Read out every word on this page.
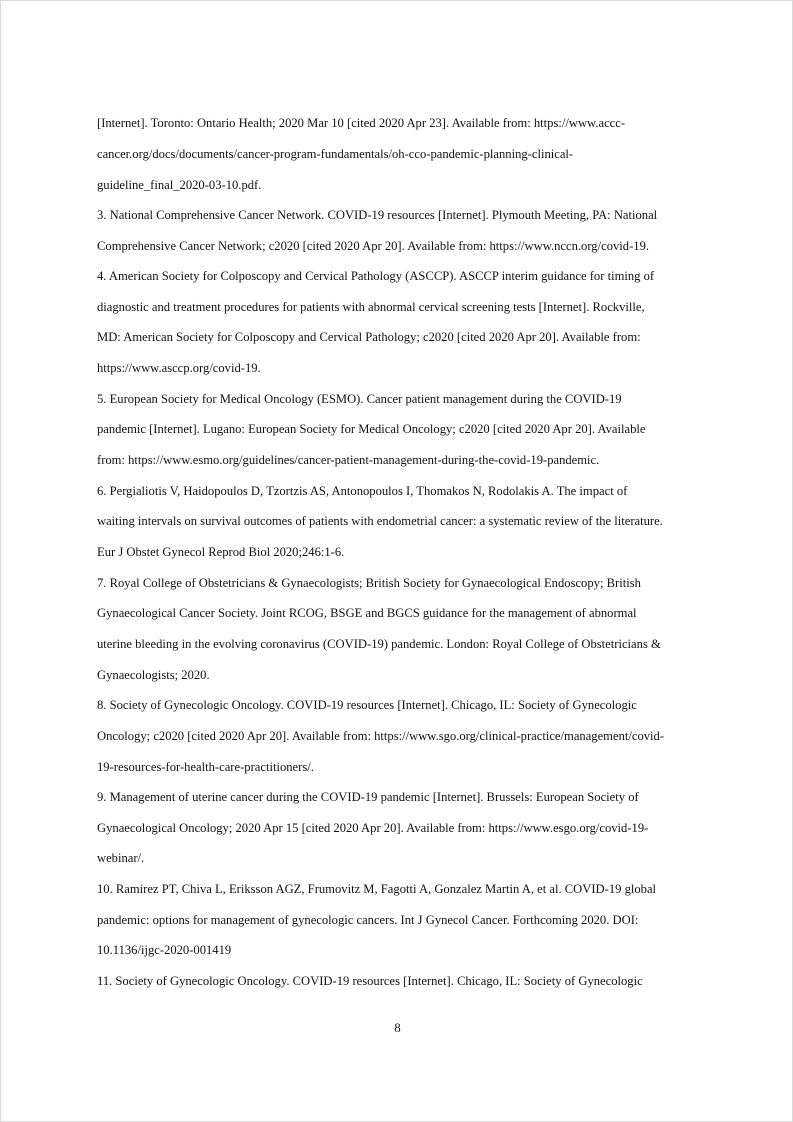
[Internet]. Toronto: Ontario Health; 2020 Mar 10 [cited 2020 Apr 23]. Available from: https://www.accc-

cancer.org/docs/documents/cancer-program-fundamentals/oh-cco-pandemic-planning-clinical-

guideline_final_2020-03-10.pdf.

3. National Comprehensive Cancer Network. COVID-19 resources [Internet]. Plymouth Meeting, PA: National

Comprehensive Cancer Network; c2020 [cited 2020 Apr 20]. Available from: https://www.nccn.org/covid-19.

4. American Society for Colposcopy and Cervical Pathology (ASCCP). ASCCP interim guidance for timing of

diagnostic and treatment procedures for patients with abnormal cervical screening tests [Internet]. Rockville,

MD: American Society for Colposcopy and Cervical Pathology; c2020 [cited 2020 Apr 20]. Available from:

https://www.asccp.org/covid-19.

5. European Society for Medical Oncology (ESMO). Cancer patient management during the COVID-19

pandemic [Internet]. Lugano: European Society for Medical Oncology; c2020 [cited 2020 Apr 20]. Available

from: https://www.esmo.org/guidelines/cancer-patient-management-during-the-covid-19-pandemic.

6. Pergialiotis V, Haidopoulos D, Tzortzis AS, Antonopoulos I, Thomakos N, Rodolakis A. The impact of

waiting intervals on survival outcomes of patients with endometrial cancer: a systematic review of the literature.

Eur J Obstet Gynecol Reprod Biol 2020;246:1-6.

7. Royal College of Obstetricians & Gynaecologists; British Society for Gynaecological Endoscopy; British

Gynaecological Cancer Society. Joint RCOG, BSGE and BGCS guidance for the management of abnormal

uterine bleeding in the evolving coronavirus (COVID-19) pandemic. London: Royal College of Obstetricians &

Gynaecologists; 2020.

8. Society of Gynecologic Oncology. COVID-19 resources [Internet]. Chicago, IL: Society of Gynecologic

Oncology; c2020 [cited 2020 Apr 20]. Available from: https://www.sgo.org/clinical-practice/management/covid-

19-resources-for-health-care-practitioners/.

9. Management of uterine cancer during the COVID-19 pandemic [Internet]. Brussels: European Society of

Gynaecological Oncology; 2020 Apr 15 [cited 2020 Apr 20]. Available from: https://www.esgo.org/covid-19-

webinar/.

10. Ramirez PT, Chiva L, Eriksson AGZ, Frumovitz M, Fagotti A, Gonzalez Martin A, et al. COVID-19 global

pandemic: options for management of gynecologic cancers. Int J Gynecol Cancer. Forthcoming 2020. DOI:

10.1136/ijgc-2020-001419

11. Society of Gynecologic Oncology. COVID-19 resources [Internet]. Chicago, IL: Society of Gynecologic

8
